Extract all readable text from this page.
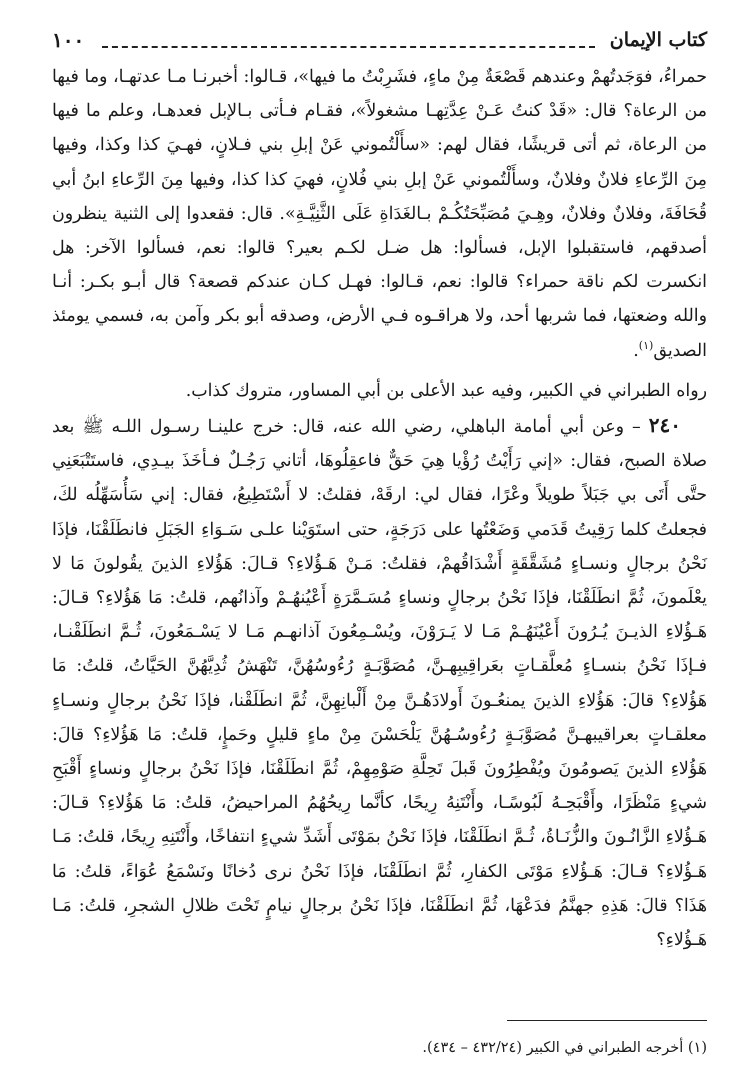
كتاب الإيمان
١٠٠

حمراءُ، فوَجَدتُهمْ وعندهم قَصْعَةٌ مِنْ ماءٍ، فشَرِبْتُ ما فيها»، قـالوا: أخبرنـا مـا عدتهـا، وما فيها من الرعاة؟ قال: «قَدْ كنتُ عَـنْ عِدَّتِهـا مشغولاً»، فقـام فـأتى بـالإبل فعدهـا، وعلم ما فيها من الرعاة، ثم أتى قريشًا، فقال لهم: «سأَلْتُموني عَنْ إبلِ بني فـلانٍ، فهـيَ كذا وكذا، وفيها مِنَ الرِّعاءِ فلانٌ وفلانٌ، وسأَلْتُموني عَنْ إبلِ بني فُلانٍ، فهيَ كذا كذا، وفيها مِنَ الرِّعاءِ ابنُ أبي قُحَافَةَ، وفلانٌ وفلانٌ، وهِـيَ مُصَبِّحَتُكُـمْ بـالغَدَاةِ عَلَى الثَّنِيَّـةِ». قال: فقعدوا إلى الثنية ينظرون أصدقهم، فاستقبلوا الإبل، فسألوا: هل ضـل لكـم بعير؟ قالوا: نعم، فسألوا الآخر: هل انكسرت لكم ناقة حمراء؟ قالوا: نعم، قـالوا: فهـل كـان عندكم قصعة؟ قال أبـو بكـر: أنـا والله وضعتها، فما شربها أحد، ولا هراقـوه فـي الأرض، وصدقه أبو بكر وآمن به، فسمي يومئذ الصديق$^{(١)}$.

رواه الطبراني في الكبير، وفيه عبد الأعلى بن أبي المساور، متروك كذاب.

٢٤٠ – وعن أبي أمامة الباهلي، رضي الله عنه، قال: خرج علينـا رسـول اللـه ﷺ بعد صلاة الصبح، فقال: «إني رَأَيْتُ رُؤْيا هِيَ حَقٌّ فاعقِلُوهَا، أتاني رَجُـلٌ فـأخَذَ بيـدِي، فاستَتْبَعَنِي حتَّى أَتَى بي جَبَلاً طويلاً وعْرًا، فقال لي: ارقَهْ، فقلتُ: لا أَسْتَطِيعُ، فقال: إني سَأُسَهِّلُه لكَ، فجعلتُ كلما رَقِيتُ قَدَمي وَضَعْتُها على دَرَجَةٍ، حتى استَوَيْنا علـى سَـوَاءِ الجَبَلِ فانطَلَقْنَا، فإذَا نَحْنُ برجالٍ ونسـاءٍ مُشَقَّقَةٍ أَشْدَاقُهمْ، فقلتُ: مَـنْ هَـؤُلاءِ؟ قـالَ: هَؤُلاءِ الذينَ يقُولونَ مَا لا يعْلَمونَ، ثُمَّ انطَلَقْنَا، فإذَا نَحْنُ برجالٍ ونساءٍ مُسَـمَّرَةٍ أَعْيُنهُـمْ وآذانُهم، قلتُ: مَا هَؤُلاءِ؟ قـالَ: هَـؤُلاءِ الذيـنَ يُـرُونَ أَعْيُنَهُـمْ مَـا لا يَـرَوْنَ، ويُسْـمِعُونَ آذانهـم مَـا لا يَسْـمَعُونَ، ثُـمَّ انطَلَقْنـا، فـإذَا نَحْنُ بنسـاءٍ مُعلَّقـاتٍ بعَراقِيبِهـنَّ، مُصَوَّبَـةٍ رُءُوسُهُنَّ، تَنْهَشُ ثُدِيَّهُنَّ الحَيَّاتُ، قلتُ: مَا هَؤُلاءِ؟ قالَ: هَؤُلاءِ الذينَ يمنعُـونَ أَولادَهُـنَّ مِنْ أَلْبانِهِنَّ، ثُمَّ انطَلَقْنا، فإذَا نَحْنُ برجالٍ ونسـاءٍ معلقـاتٍ بعراقيبهـنَّ مُصَوَّبَـةٍ رُءُوسُـهُنَّ يَلْحَسْنَ مِنْ ماءٍ قليلٍ وحَمإٍ، قلتُ: مَا هَؤُلاءِ؟ قالَ: هَؤُلاءِ الذينَ يَصومُونَ ويُفْطِرُونَ قَبلَ تَحِلَّةِ صَوْمِهِمْ، ثُمَّ انطَلَقْنَا، فإذَا نَحْنُ برجالٍ ونساءٍ أَقْبَحِ شيءٍ مَنْظَرًا، وأَقْبَحِـهُ لَبُوسًـا، وأَنْتَنِهُ رِيحًا، كأنَّما رِيحُهُمُ المراحيضُ، قلتُ: مَا هَؤُلاءِ؟ قـالَ: هَـؤُلاءِ الزَّانُـونَ والزُّنَـاةُ، ثُـمَّ انطَلَقْنَا، فإذَا نَحْنُ بمَوْتَى أَشَدِّ شيءٍ انتفاخًا، وأَنْتَنِهِ رِيحًا، قلتُ: مَـا هَـؤُلاءِ؟ قـالَ: هَـؤُلاءِ مَوْتَى الكفارِ، ثُمَّ انطَلَقْنَا، فإذَا نَحْنُ نرى دُخانًا ونَسْمَعُ عُوَاءً، قلتُ: مَا هَذَا؟ قالَ: هَذِهِ جهنَّمُ فدَعْهَا، ثُمَّ انطَلَقْنَا، فإذَا نَحْنُ برجالٍ نيامٍ تَحْتَ ظلالِ الشجرِ، قلتُ: مَـا هَـؤُلاءِ؟

(١) أخرجه الطبراني في الكبير (٤٣٢/٢٤ – ٤٣٤).
